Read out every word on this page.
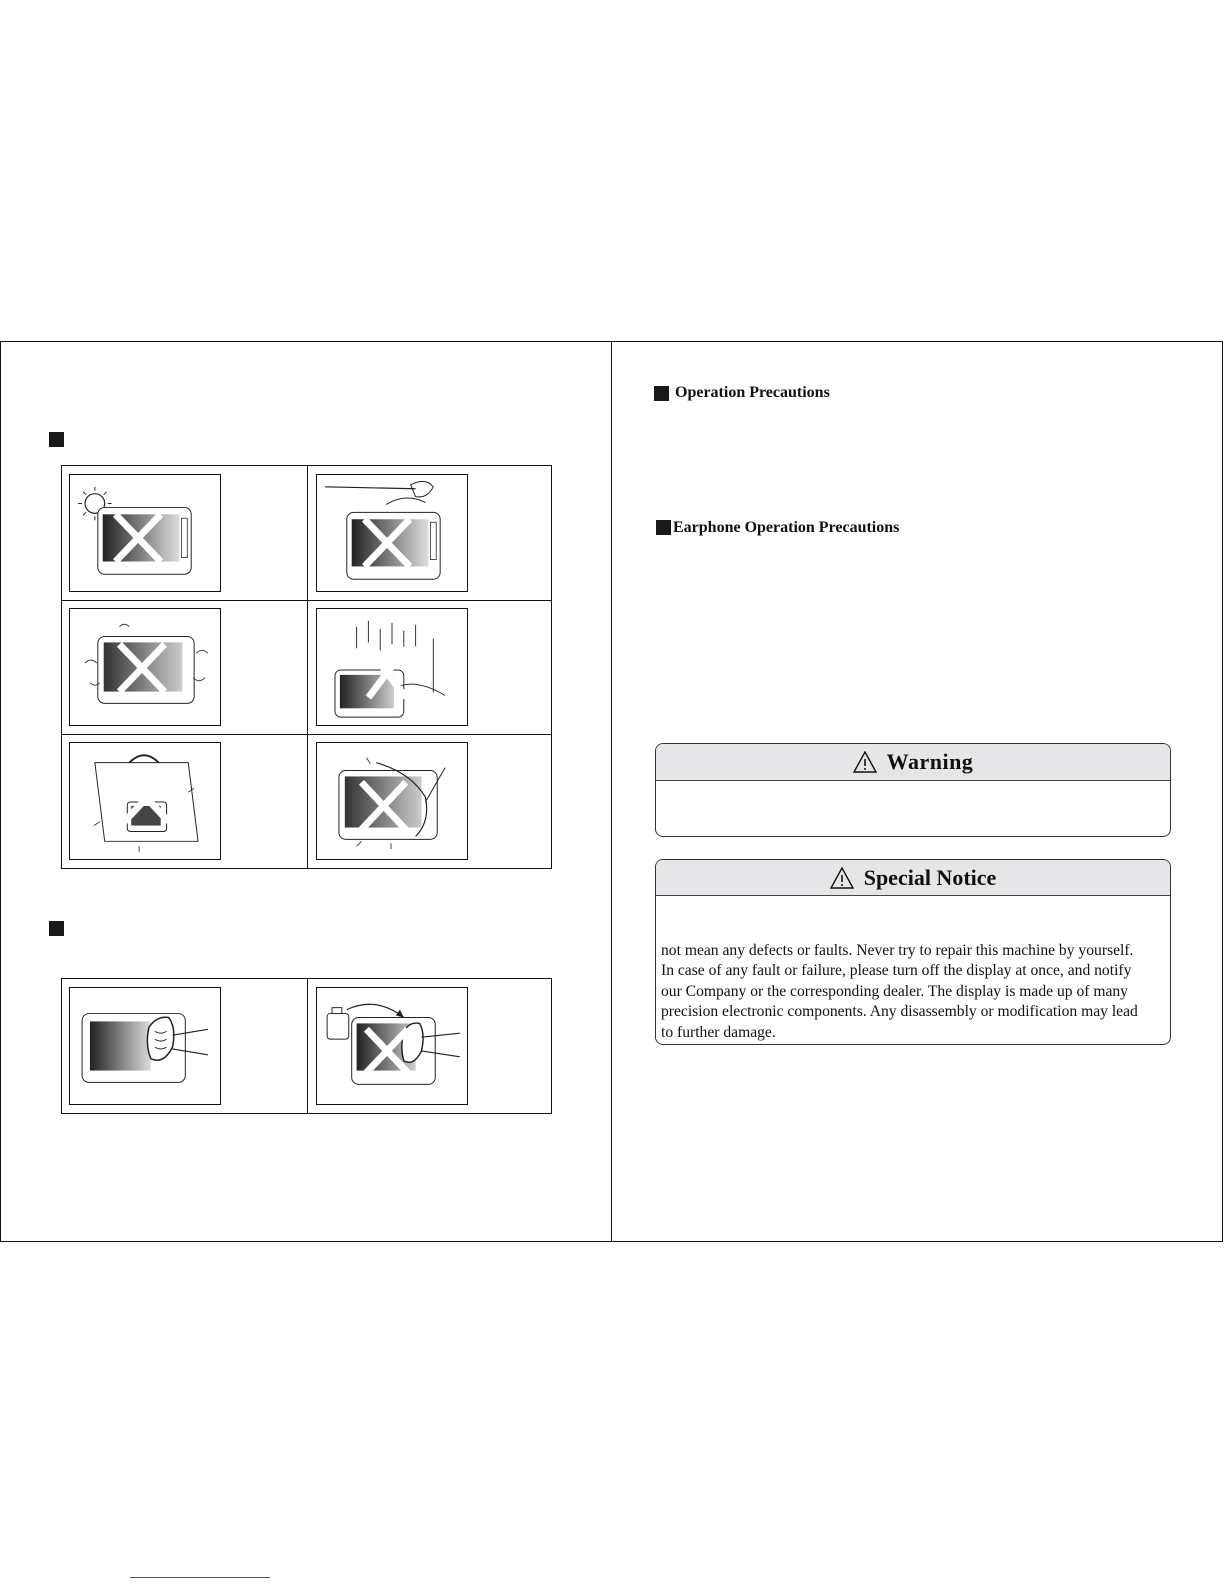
Operation Precautions
Earphone Operation Precautions
Warning
Special Notice

not mean any defects or faults. Never try to repair this machine by yourself.

In case of any fault or failure, please turn off the display at once, and notify

our Company or the corresponding dealer. The display is made up of many

precision electronic components. Any disassembly or modification may lead

to further damage.
